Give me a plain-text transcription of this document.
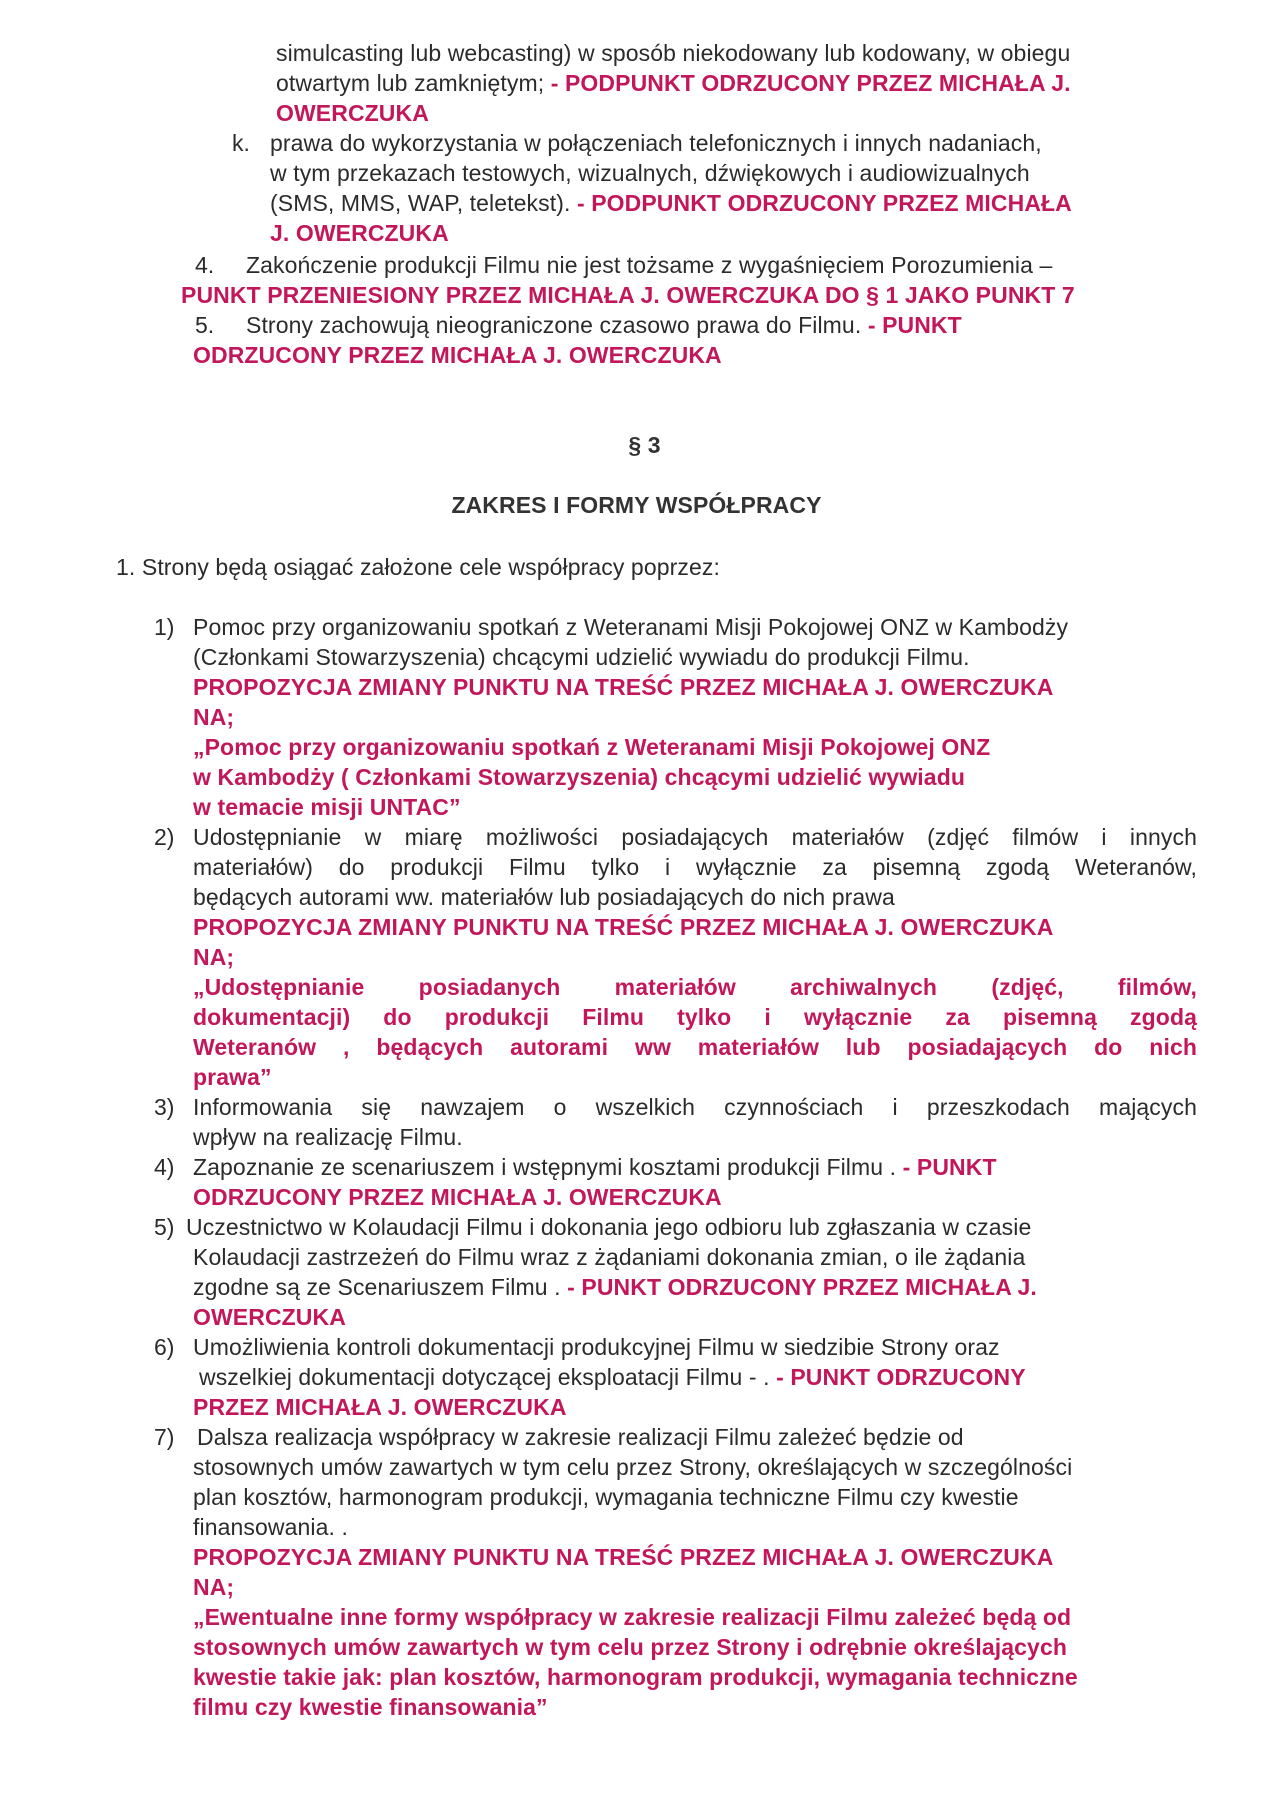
simulcasting lub webcasting) w sposób niekodowany lub kodowany, w obiegu
otwartym lub zamkniętym; - PODPUNKT ODRZUCONY PRZEZ MICHAŁA J.
OWERCZUKA
k. prawa do wykorzystania w połączeniach telefonicznych i innych nadaniach,
w tym przekazach testowych, wizualnych, dźwiękowych i audiowizualnych
(SMS, MMS, WAP, teletekst). - PODPUNKT ODRZUCONY PRZEZ MICHAŁA
J. OWERCZUKA
4. Zakończenie produkcji Filmu nie jest tożsame z wygaśnięciem Porozumienia –
PUNKT PRZENIESIONY PRZEZ MICHAŁA J. OWERCZUKA DO § 1 JAKO PUNKT 7
5. Strony zachowują nieograniczone czasowo prawa do Filmu. - PUNKT
ODRZUCONY PRZEZ MICHAŁA J. OWERCZUKA
§ 3
ZAKRES I FORMY WSPÓŁPRACY
1. Strony będą osiągać założone cele współpracy poprzez:
1) Pomoc przy organizowaniu spotkań z Weteranami Misji Pokojowej ONZ w Kambodży
(Członkami Stowarzyszenia) chcącymi udzielić wywiadu do produkcji Filmu.
PROPOZYCJA ZMIANY PUNKTU NA TREŚĆ PRZEZ MICHAŁA J. OWERCZUKA
NA;
„Pomoc przy organizowaniu spotkań z Weteranami Misji Pokojowej ONZ
w Kambodży ( Członkami Stowarzyszenia) chcącymi udzielić wywiadu
w temacie misji UNTAC”
2) Udostępnianie w miarę możliwości posiadających materiałów (zdjęć filmów i innych
materiałów) do produkcji Filmu tylko i wyłącznie za pisemną zgodą Weteranów,
będących autorami ww. materiałów lub posiadających do nich prawa
PROPOZYCJA ZMIANY PUNKTU NA TREŚĆ PRZEZ MICHAŁA J. OWERCZUKA
NA;
„Udostępnianie posiadanych materiałów archiwalnych (zdjęć, filmów,
dokumentacji) do produkcji Filmu tylko i wyłącznie za pisemną zgodą
Weteranów , będących autorami ww materiałów lub posiadających do nich
prawa”
3) Informowania się nawzajem o wszelkich czynnościach i przeszkodach mających
wpływ na realizację Filmu.
4) Zapoznanie ze scenariuszem i wstępnymi kosztami produkcji Filmu . - PUNKT
ODRZUCONY PRZEZ MICHAŁA J. OWERCZUKA
5) Uczestnictwo w Kolaudacji Filmu i dokonania jego odbioru lub zgłaszania w czasie
Kolaudacji zastrzeżeń do Filmu wraz z żądaniami dokonania zmian, o ile żądania
zgodne są ze Scenariuszem Filmu . - PUNKT ODRZUCONY PRZEZ MICHAŁA J.
OWERCZUKA
6) Umożliwienia kontroli dokumentacji produkcyjnej Filmu w siedzibie Strony oraz
wszelkiej dokumentacji dotyczącej eksploatacji Filmu - . - PUNKT ODRZUCONY
PRZEZ MICHAŁA J. OWERCZUKA
7) Dalsza realizacja współpracy w zakresie realizacji Filmu zależeć będzie od
stosownych umów zawartych w tym celu przez Strony, określających w szczególności
plan kosztów, harmonogram produkcji, wymagania techniczne Filmu czy kwestie
finansowania. .
PROPOZYCJA ZMIANY PUNKTU NA TREŚĆ PRZEZ MICHAŁA J. OWERCZUKA
NA;
„Ewentualne inne formy współpracy w zakresie realizacji Filmu zależeć będą od
stosownych umów zawartych w tym celu przez Strony i odrębnie określających
kwestie takie jak: plan kosztów, harmonogram produkcji, wymagania techniczne
filmu czy kwestie finansowania”
